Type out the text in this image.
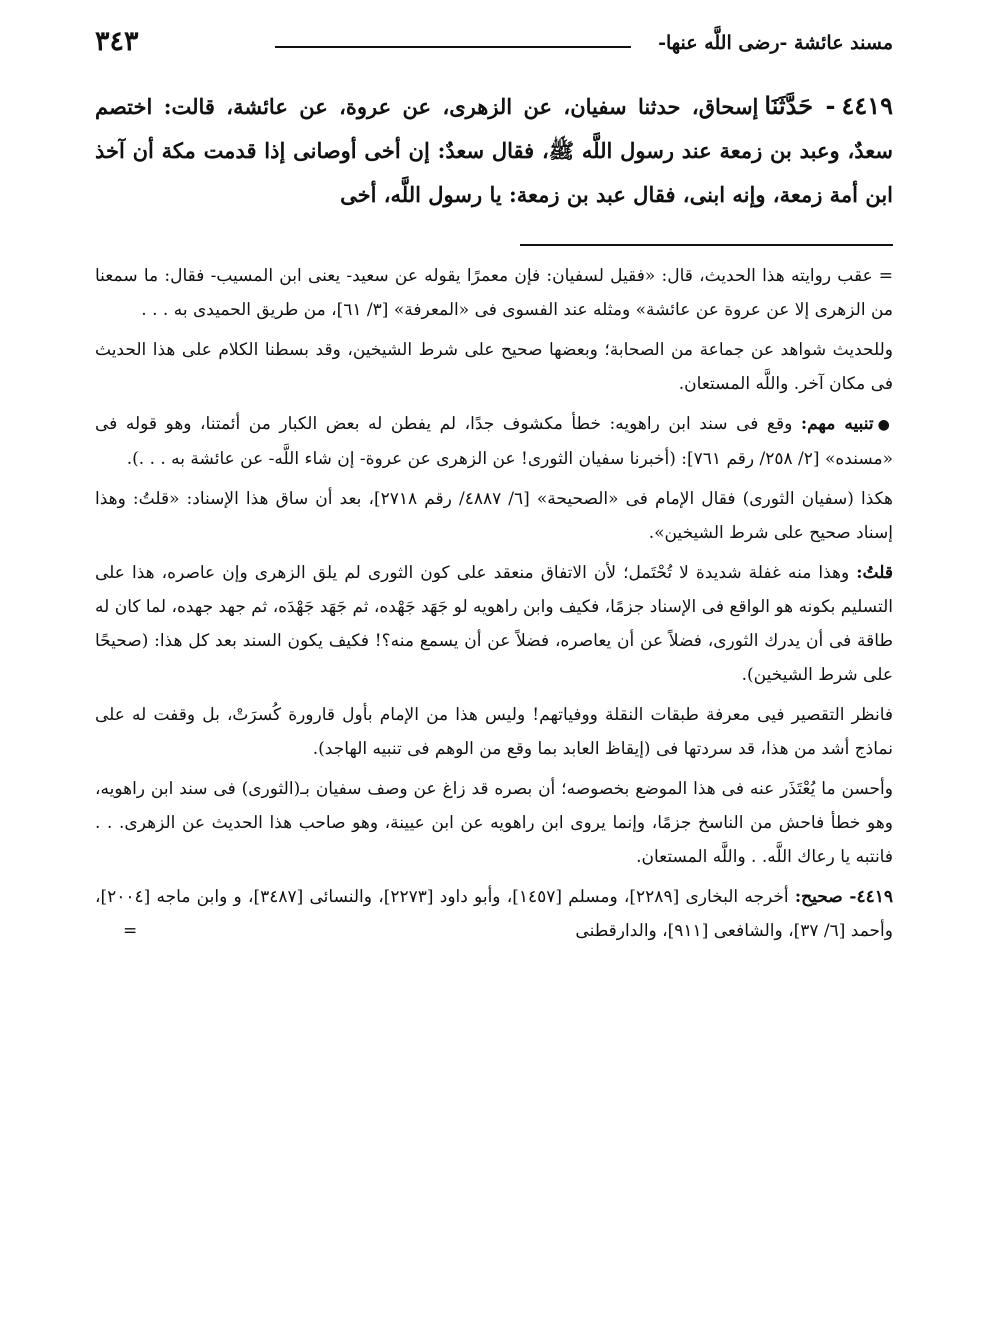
مسند عائشة -رضى اللَّه عنها-
٣٤٣
٤٤١٩- حَدَّثَنَاإسحاق، حدثنا سفيان، عن الزهرى، عن عروة، عن عائشة، قالت: اختصم سعدٌ، وعبد بن زمعة عند رسول اللَّه ﷺ، فقال سعدٌ: إن أخى أوصانى إذا قدمت مكة أن آخذ ابن أمة زمعة، وإنه ابنى، فقال عبد بن زمعة: يا رسول اللَّه، أخى

=عقب روايته هذا الحديث، قال: «فقيل لسفيان: فإن معمرًا يقوله عن سعيد- يعنى ابن المسيب- فقال: ما سمعنا من الزهرى إلا عن عروة عن عائشة» ومثله عند الفسوى فى «المعرفة» [٣/ ٦١]، من طريق الحميدى به . . .

وللحديث شواهد عن جماعة من الصحابة؛ وبعضها صحيح على شرط الشيخين، وقد بسطنا الكلام على هذا الحديث فى مكان آخر. واللَّه المستعان.

●تنبيه مهم: وقع فى سند ابن راهويه: خطأ مكشوف جدًا، لم يفطن له بعض الكبار من أئمتنا، وهو قوله فى «مسنده» [٢/ ٢٥٨/ رقم ٧٦١]: (أخبرنا سفيان الثورى! عن الزهرى عن عروة- إن شاء اللَّه- عن عائشة به . . .).

هكذا (سفيان الثورى) فقال الإمام فى «الصحيحة» [٦/ ٤٨٨٧/ رقم ٢٧١٨]، بعد أن ساق هذا الإسناد: «قلتُ: وهذا إسناد صحيح على شرط الشيخين».

قلتُ: وهذا منه غفلة شديدة لا تُحْتَمل؛ لأن الاتفاق منعقد على كون الثورى لم يلق الزهرى وإن عاصره، هذا على التسليم بكونه هو الواقع فى الإسناد جزمًا، فكيف وابن راهويه لو جَهَد جَهْده، ثم جَهَد جَهْدَه، ثم جهد جهده، لما كان له طاقة فى أن يدرك الثورى، فضلاً عن أن يعاصره، فضلاً عن أن يسمع منه؟! فكيف يكون السند بعد كل هذا: (صحيحًا على شرط الشيخين).

فانظر التقصير فيى معرفة طبقات النقلة ووفياتهم! وليس هذا من الإمام بأول قارورة كُسرَتْ، بل وقفت له على نماذج أشد من هذا، قد سردتها فى (إيقاظ العابد بما وقع من الوهم فى تنبيه الهاجد).

وأحسن ما يُعْتَذَر عنه فى هذا الموضع بخصوصه؛ أن بصره قد زاغ عن وصف سفيان بـ(الثورى) فى سند ابن راهويه، وهو خطأ فاحش من الناسخ جزمًا، وإنما يروى ابن راهويه عن ابن عيينة، وهو صاحب هذا الحديث عن الزهرى. . . فانتبه يا رعاك اللَّه. . واللَّه المستعان.

٤٤١٩- صحيح: أخرجه البخارى [٢٢٨٩]، ومسلم [١٤٥٧]، وأبو داود [٢٢٧٣]، والنسائى [٣٤٨٧]، و وابن ماجه [٢٠٠٤]، وأحمد [٦/ ٣٧]، والشافعى [٩١١]، والدارقطنى
=
